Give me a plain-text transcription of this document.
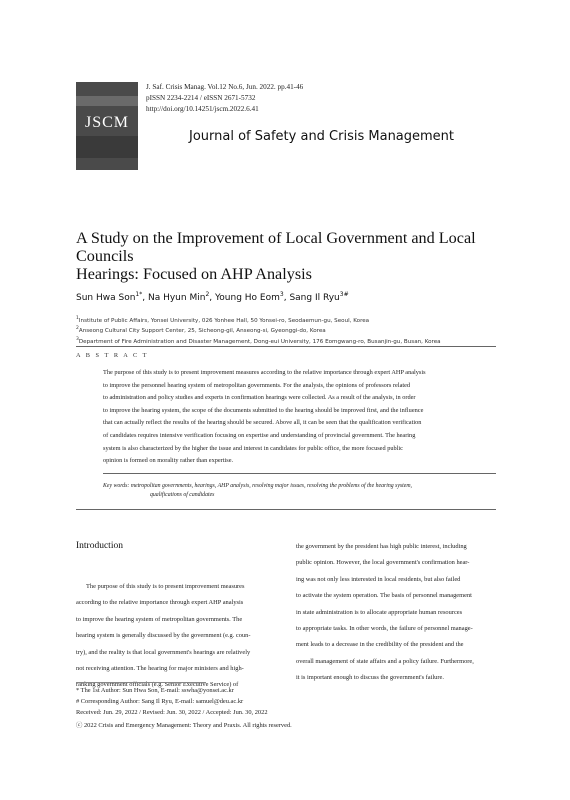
JSCM
J. Saf. Crisis Manag. Vol.12 No.6, Jun. 2022. pp.41-46
pISSN 2234-2214 / eISSN 2671-5732
http://doi.org/10.14251/jscm.2022.6.41
Journal of Safety and Crisis Management
A Study on the Improvement of Local Government and Local Councils
Hearings: Focused on AHP Analysis
Sun Hwa Son$^{1*}$, Na Hyun Min$^2$, Young Ho Eom$^3$, Sang Il Ryu$^{3\#}$
$^1$Institute of Public Affairs, Yonsei University, 026 Yonhee Hall, 50 Yonsei-ro, Seodaemun-gu, Seoul, Korea
$^2$Anseong Cultural City Support Center, 25, Sicheong-gil, Anseong-si, Gyeonggi-do, Korea
$^3$Department of Fire Administration and Disaster Management, Dong-eui University, 176 Eomgwang-ro, Busanjin-gu, Busan, Korea
A B S T R A C T
The purpose of this study is to present improvement measures according to the relative importance through expert AHP analysis
to improve the personnel hearing system of metropolitan governments. For the analysis, the opinions of professors related
to administration and policy studies and experts in confirmation hearings were collected. As a result of the analysis, in order
to improve the hearing system, the scope of the documents submitted to the hearing should be improved first, and the influence
that can actually reflect the results of the hearing should be secured. Above all, it can be seen that the qualification verification
of candidates requires intensive verification focusing on expertise and understanding of provincial government. The hearing
system is also characterized by the higher the issue and interest in candidates for public office, the more focused public
opinion is formed on morality rather than expertise.
Key words: metropolitan governments, hearings, AHP analysis, resolving major issues, resolving the problems of the hearing system,
qualifications of candidates
Introduction
The purpose of this study is to present improvement measures
according to the relative importance through expert AHP analysis
to improve the hearing system of metropolitan governments. The
hearing system is generally discussed by the government (e.g. coun-
try), and the reality is that local government's hearings are relatively
not receiving attention. The hearing for major ministers and high-
ranking government officials (e.g. Senior Executive Service) of
the government by the president has high public interest, including
public opinion. However, the local government's confirmation hear-
ing was not only less interested in local residents, but also failed
to activate the system operation. The basis of personnel management
in state administration is to allocate appropriate human resources
to appropriate tasks. In other words, the failure of personnel manage-
ment leads to a decrease in the credibility of the president and the
overall management of state affairs and a policy failure. Furthermore,
it is important enough to discuss the government's failure.
* The 1st Author: Sun Hwa Son, E-mail: sswha@yonsei.ac.kr
# Corresponding Author: Sang Il Ryu, E-mail: samuel@deu.ac.kr
Received: Jun. 29, 2022 / Revised: Jun. 30, 2022 / Accepted: Jun. 30, 2022
ⓒ 2022 Crisis and Emergency Management: Theory and Praxis. All rights reserved.
